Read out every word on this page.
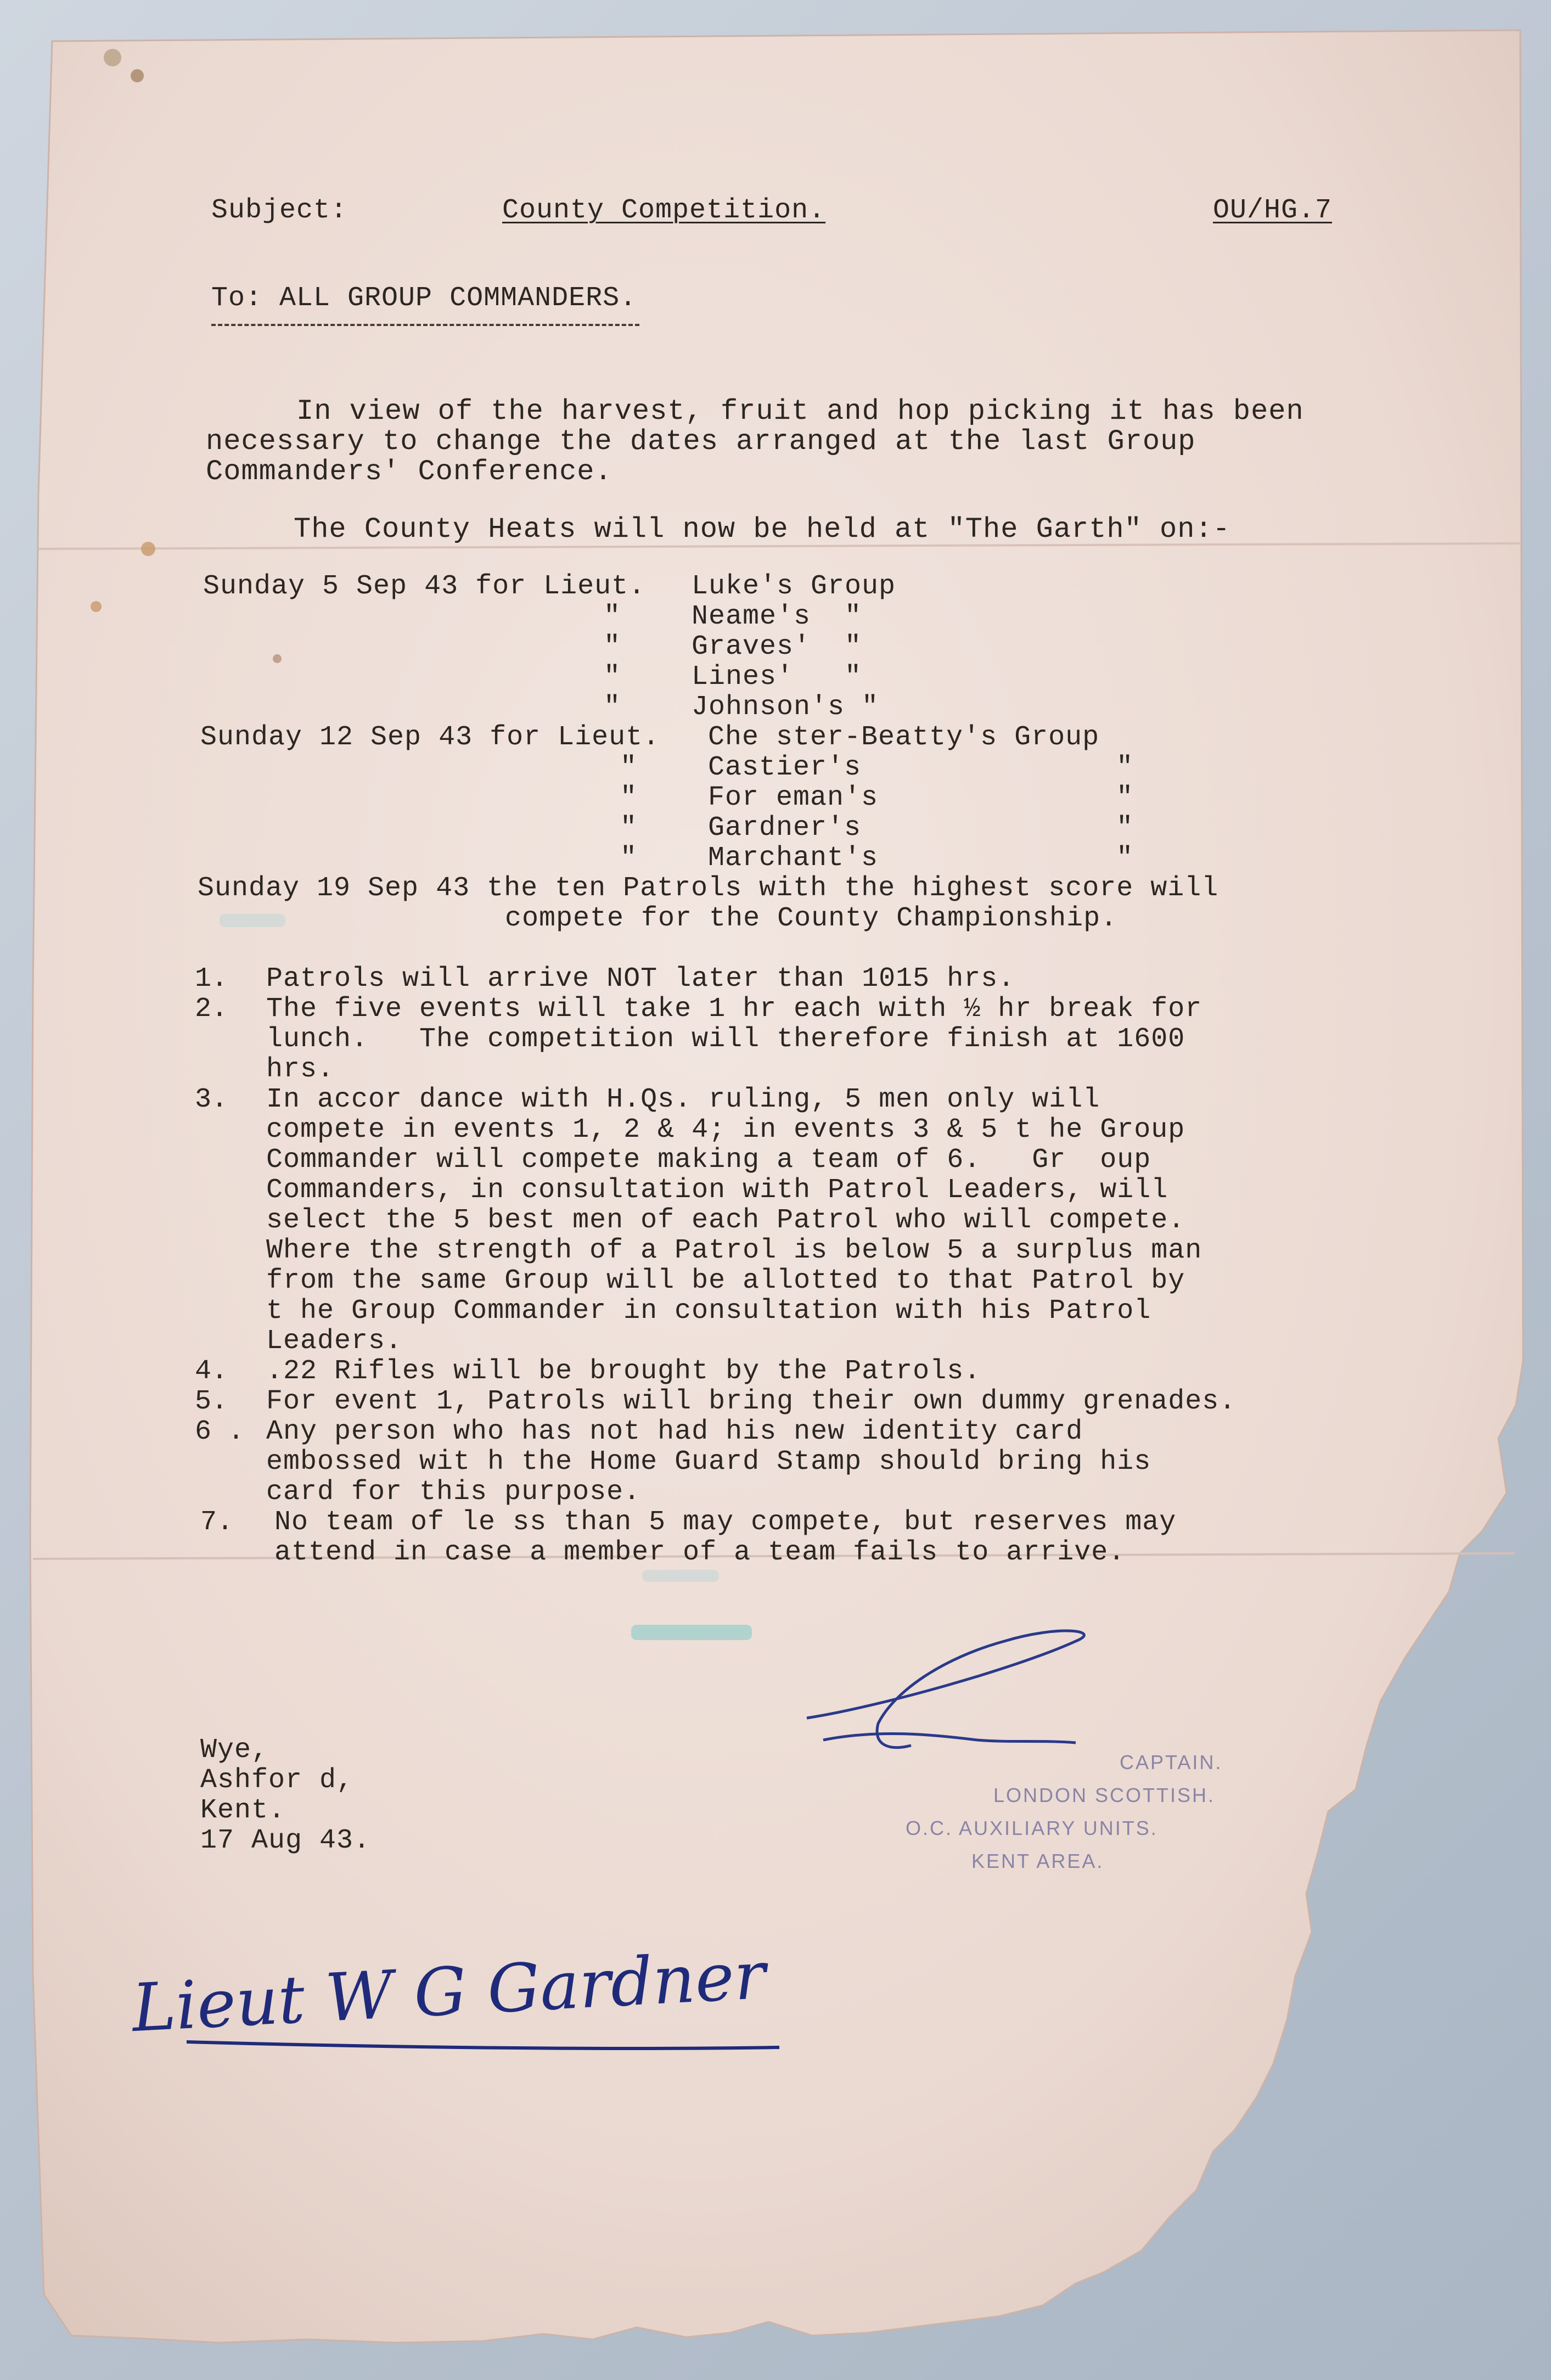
Subject:	County Competition.	OU/HG.7
To: ALL GROUP COMMANDERS.
In view of the harvest, fruit and hop picking it has been
necessary to change the dates arranged at the last Group
Commanders' Conference.
The County Heats will now be held at "The Garth" on:-
Sunday 5 Sep 43 for Lieut. Luke's Group
"	Neame's  "
"	Graves'  "
"	Lines'   "
"	Johnson's "
Sunday 12 Sep 43 for Lieut. Che ster-Beatty's Group
"	Castier's               "
"	For eman's              "
"	Gardner's               "
"	Marchant's              "
Sunday 19 Sep 43 the ten Patrols with the highest score will
compete for the County Championship.
1. Patrols will arrive NOT later than 1015 hrs.
2. The five events will take 1 hr each with ½ hr break for
lunch.   The competition will therefore finish at 1600
hrs.
3. In accor dance with H.Qs. ruling, 5 men only will
compete in events 1, 2 & 4; in events 3 & 5 t he Group
Commander will compete making a team of 6.   Gr  oup
Commanders, in consultation with Patrol Leaders, will
select the 5 best men of each Patrol who will compete.
Where the strength of a Patrol is below 5 a surplus man
from the same Group will be allotted to that Patrol by
t he Group Commander in consultation with his Patrol
Leaders.
4. .22 Rifles will be brought by the Patrols.
5. For event 1, Patrols will bring their own dummy grenades.
6 . Any person who has not had his new identity card
embossed wit h the Home Guard Stamp should bring his
card for this purpose.
7. No team of le ss than 5 may compete, but reserves may
attend in case a member of a team fails to arrive.
Wye,
Ashfor d,
Kent.
17 Aug 43.
CAPTAIN.
LONDON SCOTTISH.
O.C. AUXILIARY UNITS.
KENT AREA.
Lieut W G Gardner
